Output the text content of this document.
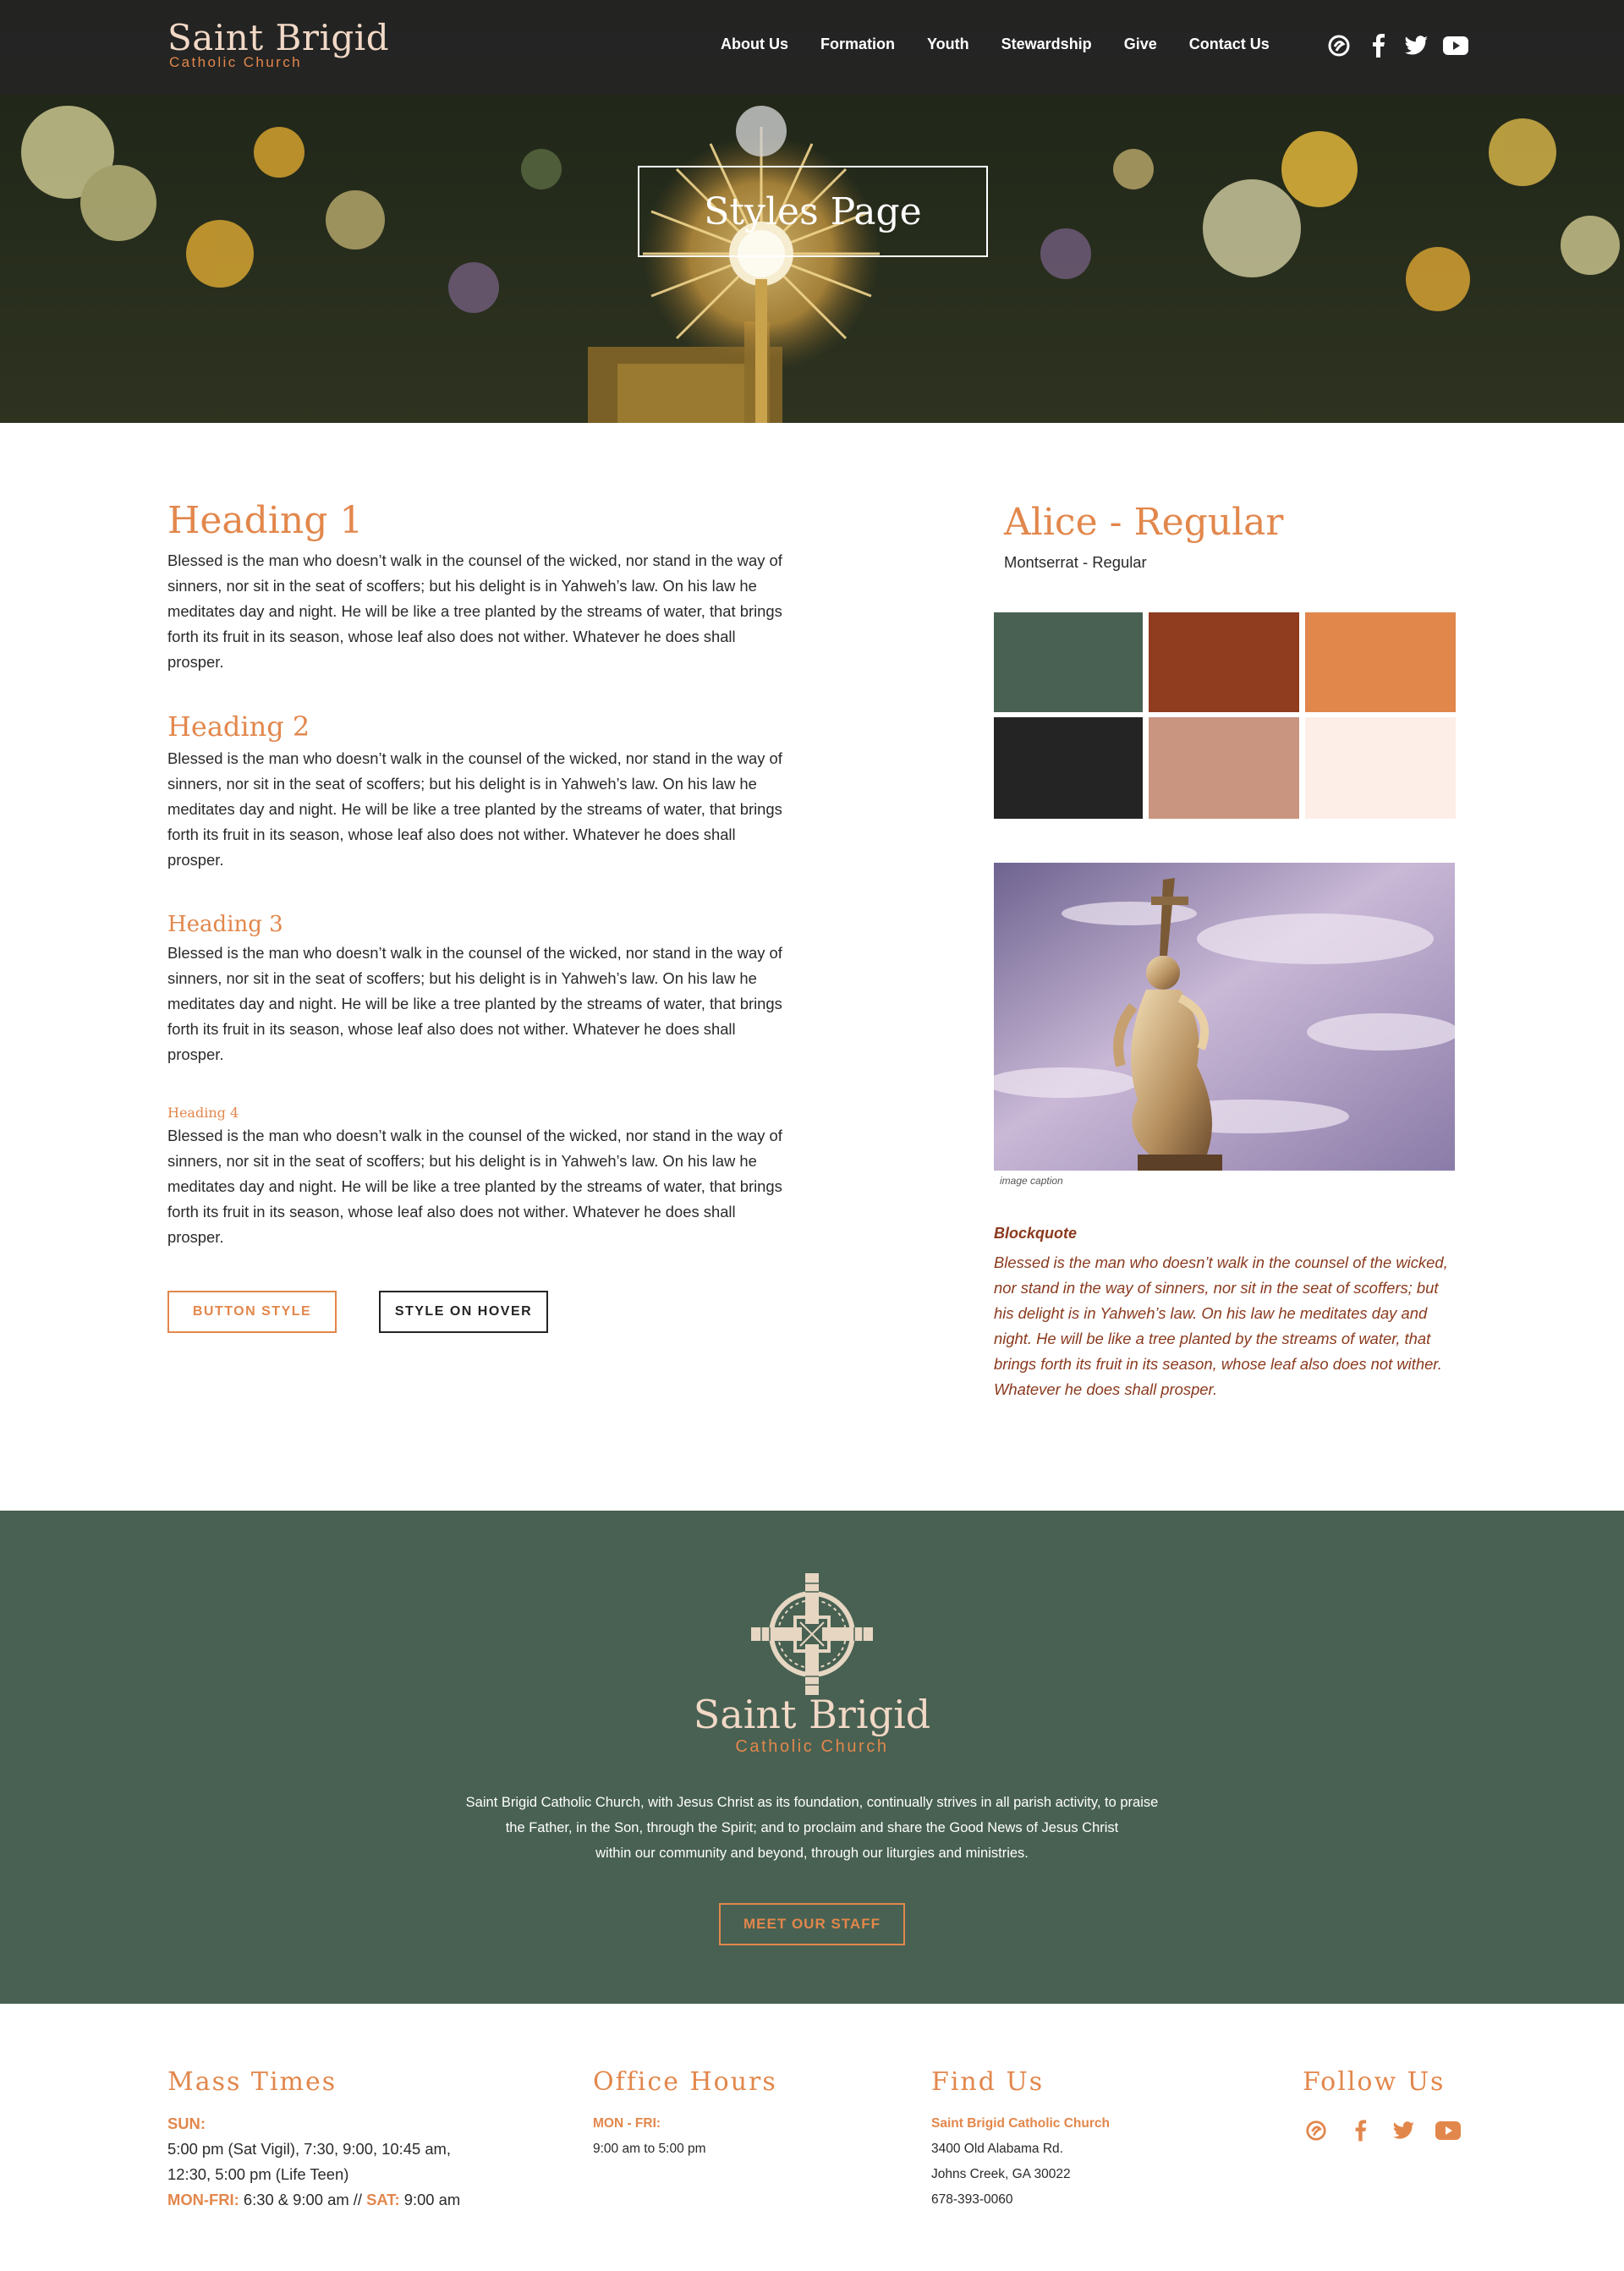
Saint Brigid
Catholic Church
About Us Formation Youth Stewardship Give Contact Us
Styles Page
Heading 1

Blessed is the man who doesn’t walk in the counsel of the wicked, nor stand in the way of sinners, nor sit in the seat of scoffers; but his delight is in Yahweh’s law. On his law he meditates day and night. He will be like a tree planted by the streams of water, that brings forth its fruit in its season, whose leaf also does not wither. Whatever he does shall prosper.

Heading 2

Blessed is the man who doesn’t walk in the counsel of the wicked, nor stand in the way of sinners, nor sit in the seat of scoffers; but his delight is in Yahweh’s law. On his law he meditates day and night. He will be like a tree planted by the streams of water, that brings forth its fruit in its season, whose leaf also does not wither. Whatever he does shall prosper.

Heading 3

Blessed is the man who doesn’t walk in the counsel of the wicked, nor stand in the way of sinners, nor sit in the seat of scoffers; but his delight is in Yahweh’s law. On his law he meditates day and night. He will be like a tree planted by the streams of water, that brings forth its fruit in its season, whose leaf also does not wither. Whatever he does shall prosper.

Heading 4

Blessed is the man who doesn’t walk in the counsel of the wicked, nor stand in the way of sinners, nor sit in the seat of scoffers; but his delight is in Yahweh’s law. On his law he meditates day and night. He will be like a tree planted by the streams of water, that brings forth its fruit in its season, whose leaf also does not wither. Whatever he does shall prosper.

BUTTON STYLE	STYLE ON HOVER
Alice - Regular
Montserrat - Regular
image caption
Blockquote
Blessed is the man who doesn’t walk in the counsel of the wicked, nor stand in the way of sinners, nor sit in the seat of scoffers; but his delight is in Yahweh’s law. On his law he meditates day and night. He will be like a tree planted by the streams of water, that brings forth its fruit in its season, whose leaf also does not wither. Whatever he does shall prosper.
Saint Brigid
Catholic Church
Saint Brigid Catholic Church, with Jesus Christ as its foundation, continually strives in all parish activity, to praise
the Father, in the Son, through the Spirit; and to proclaim and share the Good News of Jesus Christ
within our community and beyond, through our liturgies and ministries.
MEET OUR STAFF
Mass Times
SUN:
5:00 pm (Sat Vigil), 7:30, 9:00, 10:45 am,
12:30, 5:00 pm (Life Teen)
MON-FRI: 6:30 & 9:00 am // SAT: 9:00 am
Office Hours
MON - FRI:
9:00 am to 5:00 pm
Find Us
Saint Brigid Catholic Church
3400 Old Alabama Rd.
Johns Creek, GA 30022
678-393-0060
Follow Us
